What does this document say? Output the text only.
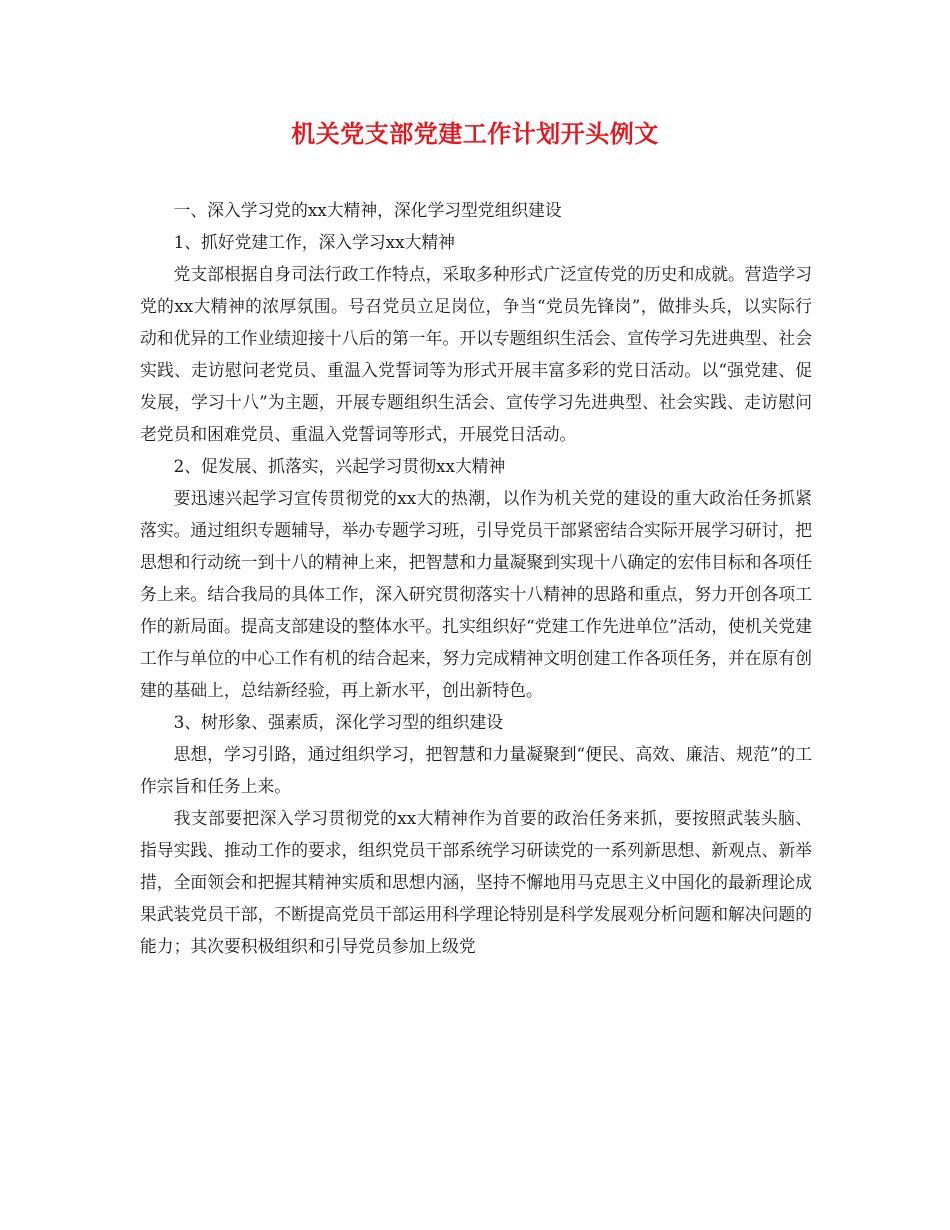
机关党支部党建工作计划开头例文

一、深入学习党的xx大精神，深化学习型党组织建设

1、抓好党建工作，深入学习xx大精神

党支部根据自身司法行政工作特点，采取多种形式广泛宣传党的历史和成就。营造学习党的xx大精神的浓厚氛围。号召党员立足岗位，争当“党员先锋岗”，做排头兵，以实际行动和优异的工作业绩迎接十八后的第一年。开以专题组织生活会、宣传学习先进典型、社会实践、走访慰问老党员、重温入党誓词等为形式开展丰富多彩的党日活动。以“强党建、促发展，学习十八”为主题，开展专题组织生活会、宣传学习先进典型、社会实践、走访慰问老党员和困难党员、重温入党誓词等形式，开展党日活动。

2、促发展、抓落实，兴起学习贯彻xx大精神

要迅速兴起学习宣传贯彻党的xx大的热潮，以作为机关党的建设的重大政治任务抓紧落实。通过组织专题辅导，举办专题学习班，引导党员干部紧密结合实际开展学习研讨，把思想和行动统一到十八的精神上来，把智慧和力量凝聚到实现十八确定的宏伟目标和各项任务上来。结合我局的具体工作，深入研究贯彻落实十八精神的思路和重点，努力开创各项工作的新局面。提高支部建设的整体水平。扎实组织好“党建工作先进单位”活动，使机关党建工作与单位的中心工作有机的结合起来，努力完成精神文明创建工作各项任务，并在原有创建的基础上，总结新经验，再上新水平，创出新特色。

3、树形象、强素质，深化学习型的组织建设

思想，学习引路，通过组织学习，把智慧和力量凝聚到“便民、高效、廉洁、规范”的工作宗旨和任务上来。

我支部要把深入学习贯彻党的xx大精神作为首要的政治任务来抓，要按照武装头脑、指导实践、推动工作的要求，组织党员干部系统学习研读党的一系列新思想、新观点、新举措，全面领会和把握其精神实质和思想内涵，坚持不懈地用马克思主义中国化的最新理论成果武装党员干部，不断提高党员干部运用科学理论特别是科学发展观分析问题和解决问题的能力；其次要积极组织和引导党员参加上级党
